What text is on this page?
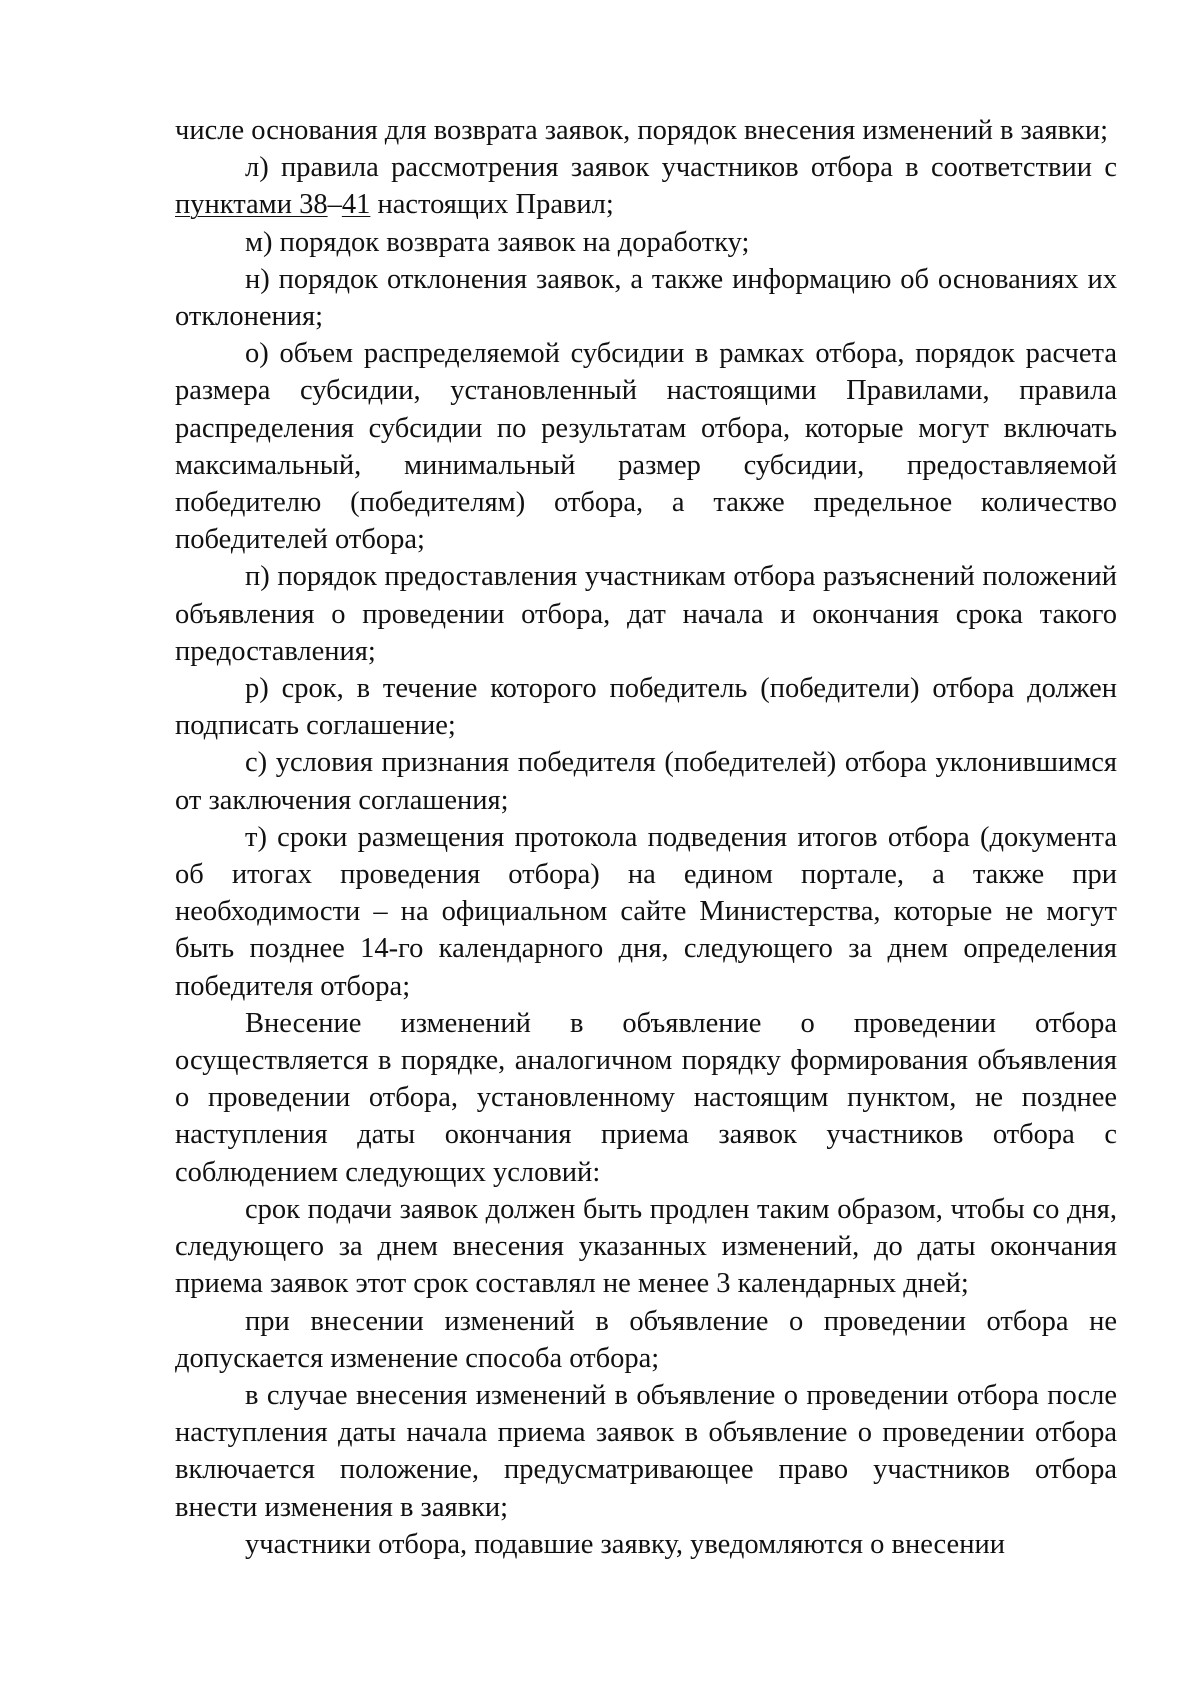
числе основания для возврата заявок, порядок внесения изменений в заявки;

л) правила рассмотрения заявок участников отбора в соответствии с пунктами 38–41 настоящих Правил;

м) порядок возврата заявок на доработку;

н) порядок отклонения заявок, а также информацию об основаниях их отклонения;

о) объем распределяемой субсидии в рамках отбора, порядок расчета размера субсидии, установленный настоящими Правилами, правила распределения субсидии по результатам отбора, которые могут включать максимальный, минимальный размер субсидии, предоставляемой победителю (победителям) отбора, а также предельное количество победителей отбора;

п) порядок предоставления участникам отбора разъяснений положений объявления о проведении отбора, дат начала и окончания срока такого предоставления;

р) срок, в течение которого победитель (победители) отбора должен подписать соглашение;

с) условия признания победителя (победителей) отбора уклонившимся от заключения соглашения;

т) сроки размещения протокола подведения итогов отбора (документа об итогах проведения отбора) на едином портале, а также при необходимости – на официальном сайте Министерства, которые не могут быть позднее 14-го календарного дня, следующего за днем определения победителя отбора;

Внесение изменений в объявление о проведении отбора осуществляется в порядке, аналогичном порядку формирования объявления о проведении отбора, установленному настоящим пунктом, не позднее наступления даты окончания приема заявок участников отбора с соблюдением следующих условий:

срок подачи заявок должен быть продлен таким образом, чтобы со дня, следующего за днем внесения указанных изменений, до даты окончания приема заявок этот срок составлял не менее 3 календарных дней;

при внесении изменений в объявление о проведении отбора не допускается изменение способа отбора;

в случае внесения изменений в объявление о проведении отбора после наступления даты начала приема заявок в объявление о проведении отбора включается положение, предусматривающее право участников отбора внести изменения в заявки;

участники отбора, подавшие заявку, уведомляются о внесении
